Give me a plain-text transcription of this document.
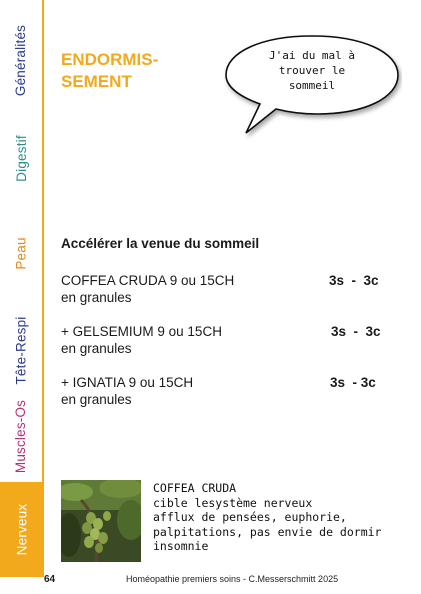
Généralités
Digestif
Peau
Tête-Respi
Muscles-Os
Nerveux
ENDORMIS-
SEMENT
J'ai du mal à
trouver le
sommeil
Accélérer la venue du sommeil
COFFEA CRUDA 9 ou 15CH
en granules
3s  -  3c
+ GELSEMIUM 9 ou 15CH
en granules
3s  -  3c
+ IGNATIA 9 ou 15CH
en granules
3s  - 3c
COFFEA CRUDA
cible lesystème nerveux
afflux de pensées, euphorie,
palpitations, pas envie de dormir
insomnie
64	Homéopathie premiers soins - C.Messerschmitt 2025
